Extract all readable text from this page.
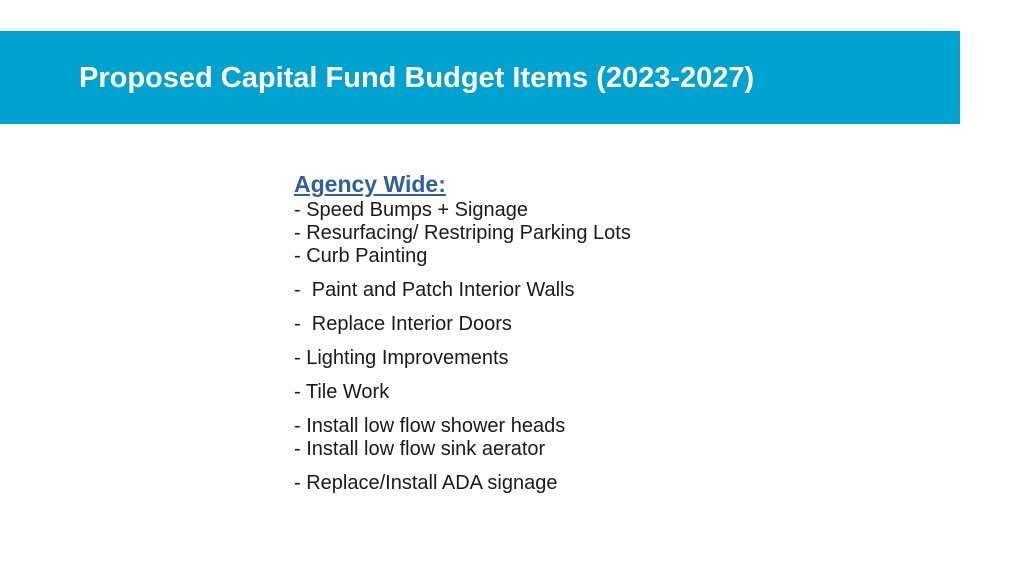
Proposed Capital Fund Budget Items (2023-2027)
Agency Wide:
- Speed Bumps + Signage
- Resurfacing/ Restriping Parking Lots
- Curb Painting
-  Paint and Patch Interior Walls
-  Replace Interior Doors
- Lighting Improvements
- Tile Work
- Install low flow shower heads
- Install low flow sink aerator
- Replace/Install ADA signage
